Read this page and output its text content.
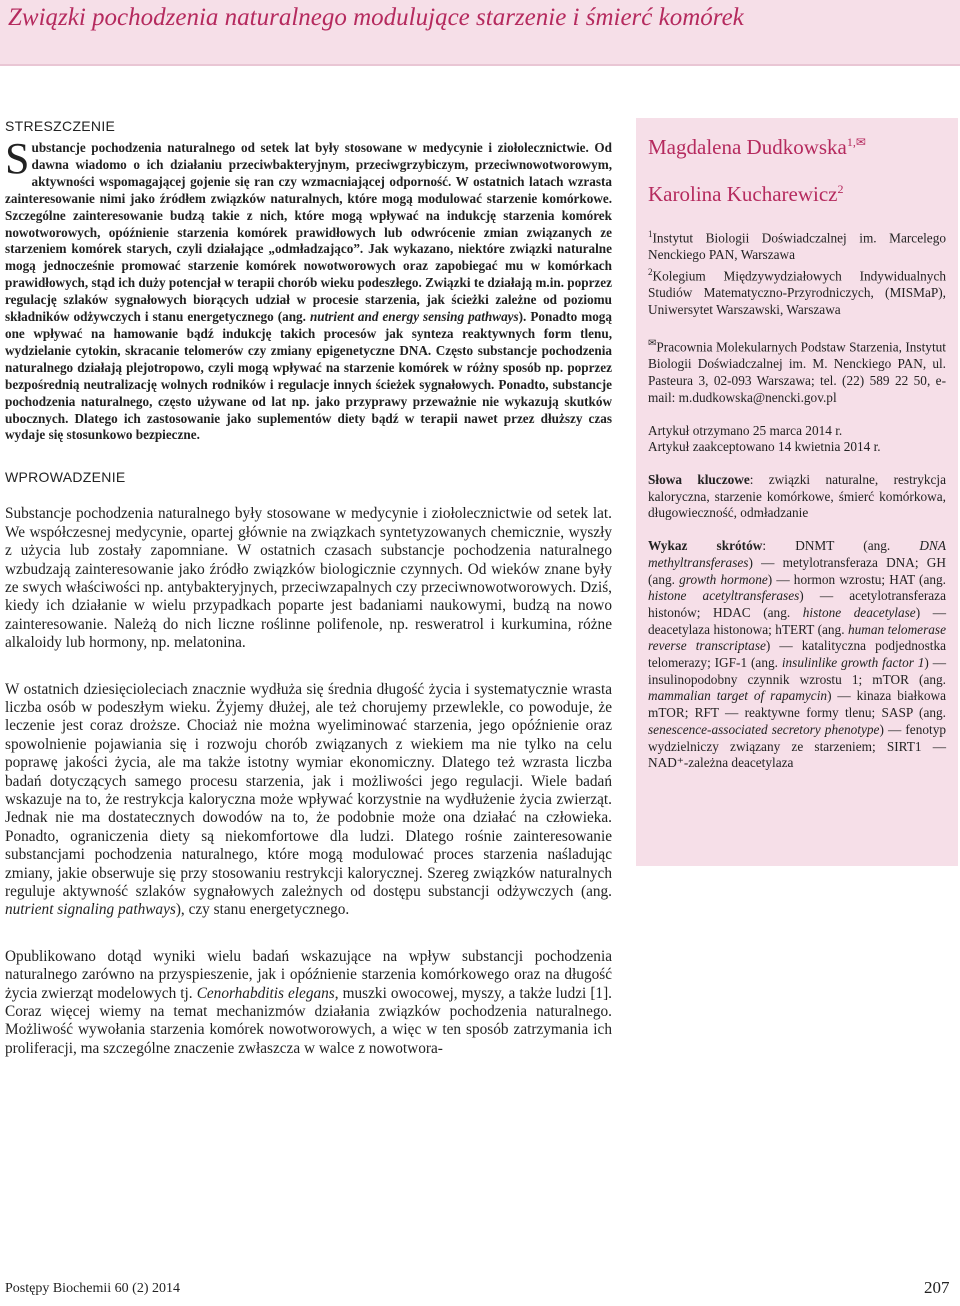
Związki pochodzenia naturalnego modulujące starzenie i śmierć komórek
STRESZCZENIE

Substancje pochodzenia naturalnego od setek lat były stosowane w medycynie i ziołolecznictwie. Od dawna wiadomo o ich działaniu przeciwbakteryjnym, przeciwgrzybiczym, przeciwnowotworowym, aktywności wspomagającej gojenie się ran czy wzmacniającej odporność. W ostatnich latach wzrasta zainteresowanie nimi jako źródłem związków naturalnych, które mogą modulować starzenie komórkowe. Szczególne zainteresowanie budzą takie z nich, które mogą wpływać na indukcję starzenia komórek nowotworowych, opóźnienie starzenia komórek prawidłowych lub odwrócenie zmian związanych ze starzeniem komórek starych, czyli działające „odmładzająco”. Jak wykazano, niektóre związki naturalne mogą jednocześnie promować starzenie komórek nowotworowych oraz zapobiegać mu w komórkach prawidłowych, stąd ich duży potencjał w terapii chorób wieku podeszłego. Związki te działają m.in. poprzez regulację szlaków sygnałowych biorących udział w procesie starzenia, jak ścieżki zależne od poziomu składników odżywczych i stanu energetycznego (ang. nutrient and energy sensing pathways). Ponadto mogą one wpływać na hamowanie bądź indukcję takich procesów jak synteza reaktywnych form tlenu, wydzielanie cytokin, skracanie telomerów czy zmiany epigenetyczne DNA. Często substancje pochodzenia naturalnego działają plejotropowo, czyli mogą wpływać na starzenie komórek w różny sposób np. poprzez bezpośrednią neutralizację wolnych rodników i regulacje innych ścieżek sygnałowych. Ponadto, substancje pochodzenia naturalnego, często używane od lat np. jako przyprawy przeważnie nie wykazują skutków ubocznych. Dlatego ich zastosowanie jako suplementów diety bądź w terapii nawet przez dłuższy czas wydaje się stosunkowo bezpieczne.

WPROWADZENIE

Substancje pochodzenia naturalnego były stosowane w medycynie i ziołolecznictwie od setek lat. We współczesnej medycynie, opartej głównie na związkach syntetyzowanych chemicznie, wyszły z użycia lub zostały zapomniane. W ostatnich czasach substancje pochodzenia naturalnego wzbudzają zainteresowanie jako źródło związków biologicznie czynnych. Od wieków znane były ze swych właściwości np. antybakteryjnych, przeciwzapalnych czy przeciwnowotworowych. Dziś, kiedy ich działanie w wielu przypadkach poparte jest badaniami naukowymi, budzą na nowo zainteresowanie. Należą do nich liczne roślinne polifenole, np. resweratrol i kurkumina, różne alkaloidy lub hormony, np. melatonina.

W ostatnich dziesięcioleciach znacznie wydłuża się średnia długość życia i systematycznie wrasta liczba osób w podeszłym wieku. Żyjemy dłużej, ale też chorujemy przewlekle, co powoduje, że leczenie jest coraz droższe. Chociaż nie można wyeliminować starzenia, jego opóźnienie oraz spowolnienie pojawiania się i rozwoju chorób związanych z wiekiem ma nie tylko na celu poprawę jakości życia, ale ma także istotny wymiar ekonomiczny. Dlatego też wzrasta liczba badań dotyczących samego procesu starzenia, jak i możliwości jego regulacji. Wiele badań wskazuje na to, że restrykcja kaloryczna może wpływać korzystnie na wydłużenie życia zwierząt. Jednak nie ma dostatecznych dowodów na to, że podobnie może ona działać na człowieka. Ponadto, ograniczenia diety są niekomfortowe dla ludzi. Dlatego rośnie zainteresowanie substancjami pochodzenia naturalnego, które mogą modulować proces starzenia naśladując zmiany, jakie obserwuje się przy stosowaniu restrykcji kalorycznej. Szereg związków naturalnych reguluje aktywność szlaków sygnałowych zależnych od dostępu substancji odżywczych (ang. nutrient signaling pathways), czy stanu energetycznego.

Opublikowano dotąd wyniki wielu badań wskazujące na wpływ substancji pochodzenia naturalnego zarówno na przyspieszenie, jak i opóźnienie starzenia komórkowego oraz na długość życia zwierząt modelowych tj. Cenorhabditis elegans, muszki owocowej, myszy, a także ludzi [1]. Coraz więcej wiemy na temat mechanizmów działania związków pochodzenia naturalnego. Możliwość wywołania starzenia komórek nowotworowych, a więc w ten sposób zatrzymania ich proliferacji, ma szczególne znaczenie zwłaszcza w walce z nowotwora-

Magdalena Dudkowska$^{1,}$✉
Karolina Kucharewicz$^2$

$^1$Instytut Biologii Doświadczalnej im. Marcelego Nenckiego PAN, Warszawa

$^2$Kolegium Międzywydziałowych Indywidualnych Studiów Matematyczno-Przyrodniczych, (MISMaP), Uniwersytet Warszawski, Warszawa

✉Pracownia Molekularnych Podstaw Starzenia, Instytut Biologii Doświadczalnej im. M. Nenckiego PAN, ul. Pasteura 3, 02-093 Warszawa; tel. (22) 589 22 50, e-mail: m.dudkowska@nencki.gov.pl

Artykuł otrzymano 25 marca 2014 r.

Artykuł zaakceptowano 14 kwietnia 2014 r.

Słowa kluczowe: związki naturalne, restrykcja kaloryczna, starzenie komórkowe, śmierć komórkowa, długowieczność, odmładzanie

Wykaz skrótów: DNMT (ang. DNA methyltransferases) — metylotransferaza DNA; GH (ang. growth hormone) — hormon wzrostu; HAT (ang. histone acetyltransferases) — acetylotransferaza histonów; HDAC (ang. histone deacetylase) — deacetylaza histonowa; hTERT (ang. human telomerase reverse transcriptase) — katalityczna podjednostka telomerazy; IGF-1 (ang. insulinlike growth factor 1) — insulinopodobny czynnik wzrostu 1; mTOR (ang. mammalian target of rapamycin) — kinaza białkowa mTOR; RFT — reaktywne formy tlenu; SASP (ang. senescence-associated secretory phenotype) — fenotyp wydzielniczy związany ze starzeniem; SIRT1 — NAD⁺-zależna deacetylaza

Postępy Biochemii 60 (2) 2014	207
